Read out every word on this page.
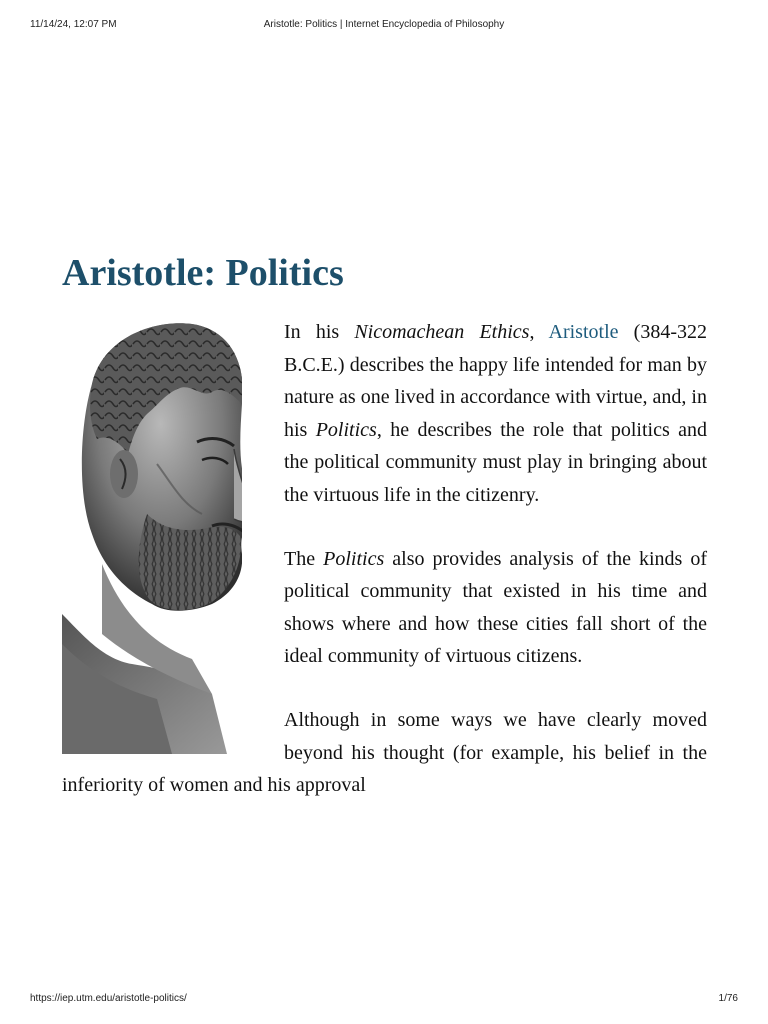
11/14/24, 12:07 PM	Aristotle: Politics | Internet Encyclopedia of Philosophy
Aristotle: Politics

In his Nicomachean Ethics, Aristotle (384-322 B.C.E.) describes the happy life intended for man by nature as one lived in accordance with virtue, and, in his Politics, he describes the role that politics and the political community must play in bringing about the virtuous life in the citizenry.

The Politics also provides analysis of the kinds of political community that existed in his time and shows where and how these cities fall short of the ideal community of virtuous citizens.

Although in some ways we have clearly moved beyond his thought (for example, his belief in the inferiority of women and his approval

https://iep.utm.edu/aristotle-politics/	1/76
